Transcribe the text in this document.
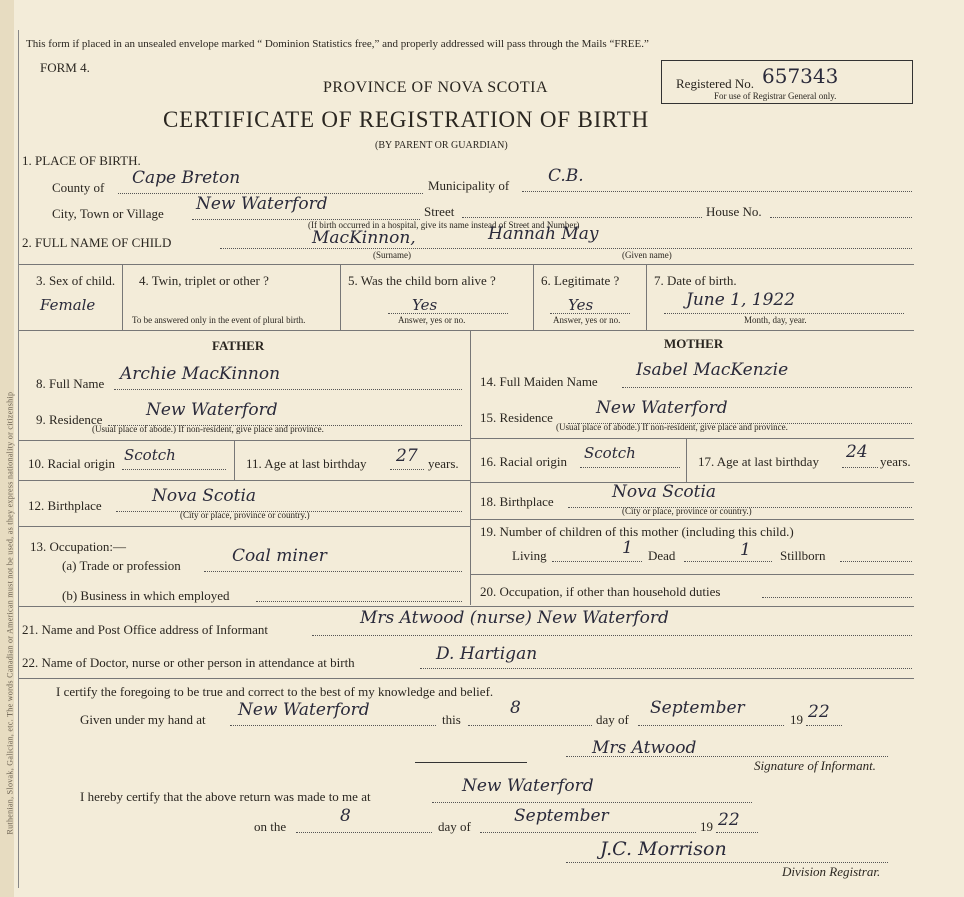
Ruthenian, Slovak, Galician, etc. The words Canadian or American must not be used, as they express nationality or citizenship
This form if placed in an unsealed envelope marked “ Dominion Statistics free,” and properly addressed will pass through the Mails “FREE.”
FORM 4.
PROVINCE OF NOVA SCOTIA
CERTIFICATE OF REGISTRATION OF BIRTH
(BY PARENT OR GUARDIAN)
Registered No. 657343
For use of Registrar General only.
1. PLACE OF BIRTH.
County of Cape Breton	Municipality of C.B.
City, Town or Village New Waterford	Street	House No.
(If birth occurred in a hospital, give its name instead of Street and Number)
2. FULL NAME OF CHILD	MacKinnon,	Hannah May
(Surname)	(Given name)
3. Sex of child.
Female
4. Twin, triplet or other ?
To be answered only in the event of plural birth.
5. Was the child born alive ?
Yes
Answer, yes or no.
6. Legitimate ?
Yes
Answer, yes or no.
7. Date of birth.
June 1, 1922
Month, day, year.
FATHER	MOTHER
8. Full Name Archie MacKinnon
9. Residence	New Waterford
(Usual place of abode.) If non-resident, give place and province.
10. Racial origin Scotch	11. Age at last birthday 27 years.
12. Birthplace	Nova Scotia
(City or place, province or country.)
13. Occupation:—
(a) Trade or profession	Coal miner
(b) Business in which employed
14. Full Maiden Name
Isabel MacKenzie
15. Residence	New Waterford
(Usual place of abode.) If non-resident, give place and province.
16. Racial origin Scotch	17. Age at last birthday 24 years.
18. Birthplace	Nova Scotia
(City or place, province or country.)
19. Number of children of this mother (including this child.)
Living	1 Dead	1 Stillborn
20. Occupation, if other than household duties
21. Name and Post Office address of Informant
Mrs Atwood (nurse) New Waterford
22. Name of Doctor, nurse or other person in attendance at birth	D. Hartigan
I certify the foregoing to be true and correct to the best of my knowledge and belief.
Given under my hand at New Waterford	this
8
day of
September
19 22
Mrs Atwood
Signature of Informant.
I hereby certify that the above return was made to me at
New Waterford
on the
8
day of
September
19 22
J.C. Morrison
Division Registrar.
